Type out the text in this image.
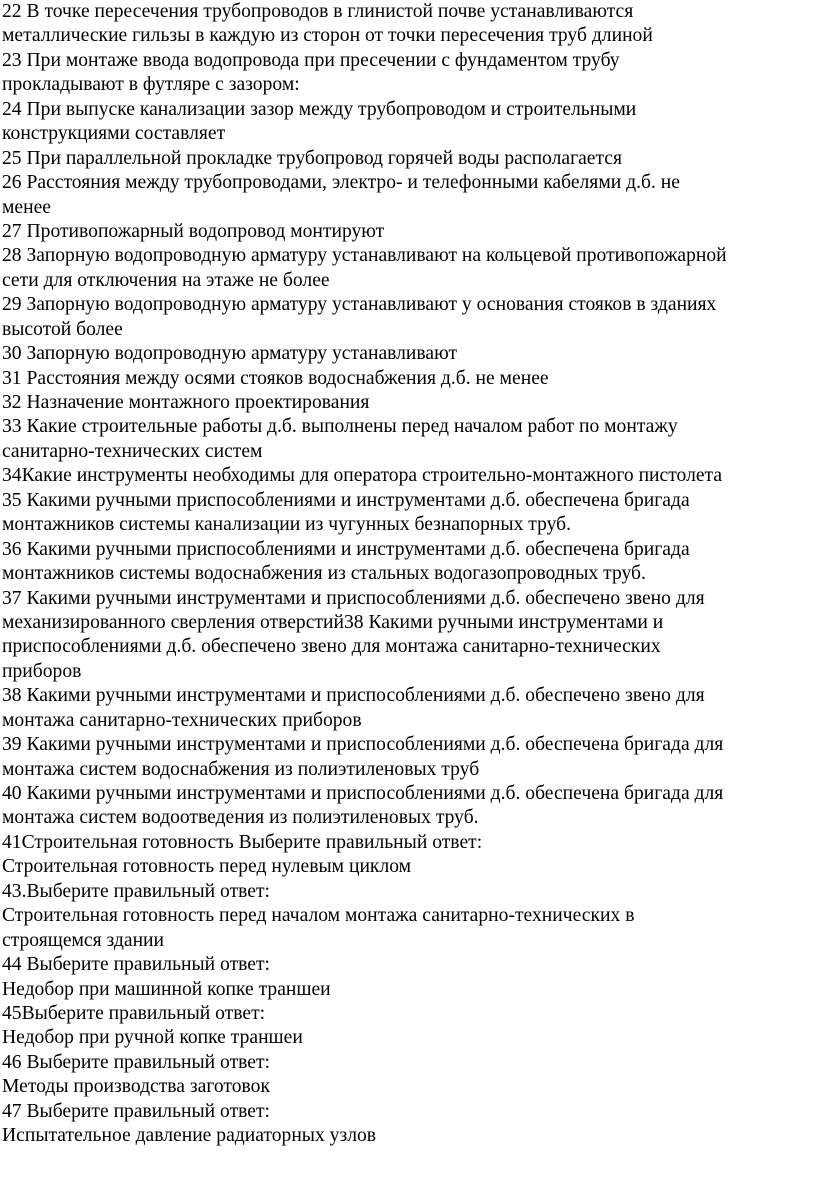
22 В точке пересечения трубопроводов в глинистой почве устанавливаются
металлические гильзы в каждую из сторон от точки пересечения труб длиной
23 При монтаже ввода водопровода при пресечении с фундаментом трубу
прокладывают в футляре с зазором:
24 При выпуске канализации зазор между трубопроводом и строительными
конструкциями составляет
25 При параллельной прокладке трубопровод горячей воды располагается
26 Расстояния между трубопроводами, электро- и телефонными кабелями д.б. не
менее
27 Противопожарный водопровод монтируют
28 Запорную водопроводную арматуру устанавливают на кольцевой противопожарной
сети для отключения на этаже не более
29 Запорную водопроводную арматуру устанавливают у основания стояков в зданиях
высотой более
30 Запорную водопроводную арматуру устанавливают
31 Расстояния между осями стояков водоснабжения д.б. не менее
32 Назначение монтажного проектирования
33 Какие строительные работы д.б. выполнены перед началом работ по монтажу
санитарно-технических систем
34Какие инструменты необходимы для оператора строительно-монтажного пистолета
35 Какими ручными приспособлениями и инструментами д.б. обеспечена бригада
монтажников системы канализации из чугунных безнапорных труб.
36 Какими ручными приспособлениями и инструментами д.б. обеспечена бригада
монтажников системы водоснабжения из стальных водогазопроводных труб.
37 Какими ручными инструментами и приспособлениями д.б. обеспечено звено для
механизированного сверления отверстий38 Какими ручными инструментами и
приспособлениями д.б. обеспечено звено для монтажа санитарно-технических
приборов
38 Какими ручными инструментами и приспособлениями д.б. обеспечено звено для
монтажа санитарно-технических приборов
39 Какими ручными инструментами и приспособлениями д.б. обеспечена бригада для
монтажа систем водоснабжения из полиэтиленовых труб
40 Какими ручными инструментами и приспособлениями д.б. обеспечена бригада для
монтажа систем водоотведения из полиэтиленовых труб.
41Строительная готовность Выберите правильный ответ:
Строительная готовность перед нулевым циклом
43.Выберите правильный ответ:
Строительная готовность перед началом монтажа санитарно-технических в
строящемся здании
44 Выберите правильный ответ:
Недобор при машинной копке траншеи
45Выберите правильный ответ:
Недобор при ручной копке траншеи
46 Выберите правильный ответ:
Методы производства заготовок
47 Выберите правильный ответ:
Испытательное давление радиаторных узлов
